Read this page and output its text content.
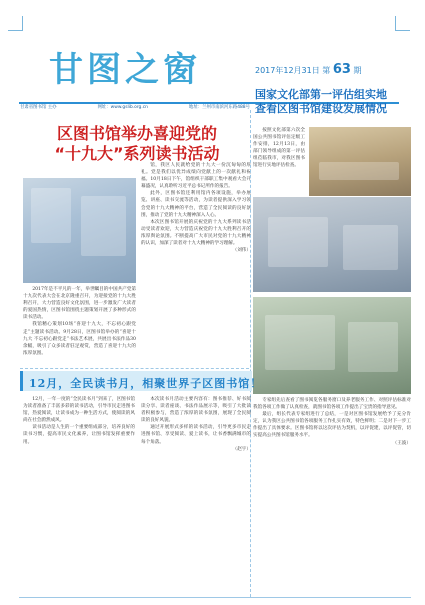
甘图之窗	2017年12月31日 第 63 期
甘肃省图书馆 主办	网址：www.gslib.org.cn	地址：兰州市南滨河东路488号
国家文化部第一评估组实地
查看区图书馆建设发展情况
区图书馆举办喜迎党的
“十九大”系列读书活动

2017年是不平凡的一年，举世瞩目的中国共产党第十九次代表大会在北京隆重召开，为迎接党的十九大胜利召开，大力营造良好文化氛围，进一步激发广大读者的爱国热情，区图书馆围绕主题策划开展了多种形式的读书活动。

我馆精心策划10场“喜迎十九大，不忘初心跟党走”主题读书活动。9月28日，区图书馆举办的“喜迎十九大 不忘初心跟党走”书法艺术展，共展出书法作品30余幅，吸引了众多读者驻足观赏，营造了喜迎十九大的浓厚氛围。

馆，我区人民就给党的十九大一份沉甸甸的厚礼。党是我们以优异成绩向党献上的一次献礼和祝福。10月18日下午，馆组织干部职工集中观看大会开幕盛况，认真聆听习近平总书记所作的报告。

此外，区图书馆还利用馆内各项设施，举办展览、讲座、读书交流等活动，为读者提供深入学习领会党的十九大精神的平台，营造了全民阅读的良好氛围，推动了党的十九大精神深入人心。

本次区图书馆开展的庆祝党的十九大系列读书活动受读者欢迎，大力营造庆祝党的十九大胜利召开的浓厚舆论氛围。不断提高广大市民对党的十九大精神的认识，加深了读者对十九大精神的学习理解。

（刘伟）

按照文化部第六次全国公共图书馆评估定级工作安排，12月13日，由部门领导组成的第一评估组莅临我市，对我区图书馆进行实地评估检查。

专家组先后查看了图书阅览各服务窗口及养老服务工作、对照评估标准对我馆各项工作做了认真检查，就图书馆各项工作提出了宝贵的指导意见。

最后，组长代表专家组进行了总结，一是对区图书馆发展给予了充分肯定，认为我区公共图书馆各项服务工作扎实有效，特色鲜明；二是对下一步工作提出了具体要求。区图书馆将以这次评估为契机，以评促建，以评促管，切实提高公共图书馆服务水平。

（王波）
12月，全民读书月，相聚世界子区图书馆！

12月，一年一度的“全民读书月”到来了，区图书馆为读者准备了丰富多彩的读书活动，引导市民走进图书馆，热爱阅读，让读书成为一种生活方式，使阅读的风尚在社会蔚然成风。

读书活动是人生的一个重要组成部分，培养良好的读书习惯，提高市民文化素养，让图书馆发挥重要作用。

本次读书月活动主要内容有：图书推荐、好书阅读分享、读者座谈、书法作品展示等，吸引了大批读者积极参与，营造了浓厚的读书氛围，展现了全民阅读的良好风貌。

通过开展形式多样的读书活动，引导更多市民走进图书馆、享受阅读、爱上读书，让书香飘满城市的每个角落。

（赵宇）
